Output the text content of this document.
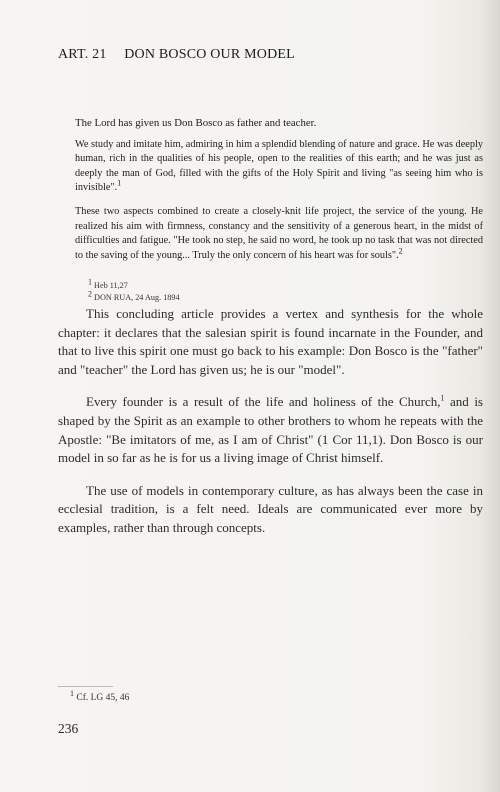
ART. 21 DON BOSCO OUR MODEL

The Lord has given us Don Bosco as father and teacher.

We study and imitate him, admiring in him a splendid blending of nature and grace. He was deeply human, rich in the qualities of his people, open to the realities of this earth; and he was just as deeply the man of God, filled with the gifts of the Holy Spirit and living "as seeing him who is invisible".$^1$

These two aspects combined to create a closely-knit life project, the service of the young. He realized his aim with firmness, constancy and the sensitivity of a generous heart, in the midst of difficulties and fatigue. "He took no step, he said no word, he took up no task that was not directed to the saving of the young... Truly the only concern of his heart was for souls".$^2$

$^1$ Heb 11,27
$^2$ DON RUA, 24 Aug. 1894

This concluding article provides a vertex and synthesis for the whole chapter: it declares that the salesian spirit is found incarnate in the Founder, and that to live this spirit one must go back to his example: Don Bosco is the "father" and "teacher" the Lord has given us; he is our "model".

Every founder is a result of the life and holiness of the Church,$^1$ and is shaped by the Spirit as an example to other brothers to whom he repeats with the Apostle: "Be imitators of me, as I am of Christ" (1 Cor 11,1). Don Bosco is our model in so far as he is for us a living image of Christ himself.

The use of models in contemporary culture, as has always been the case in ecclesial tradition, is a felt need. Ideals are communicated ever more by examples, rather than through concepts.

$^1$ Cf. LG 45, 46
236
